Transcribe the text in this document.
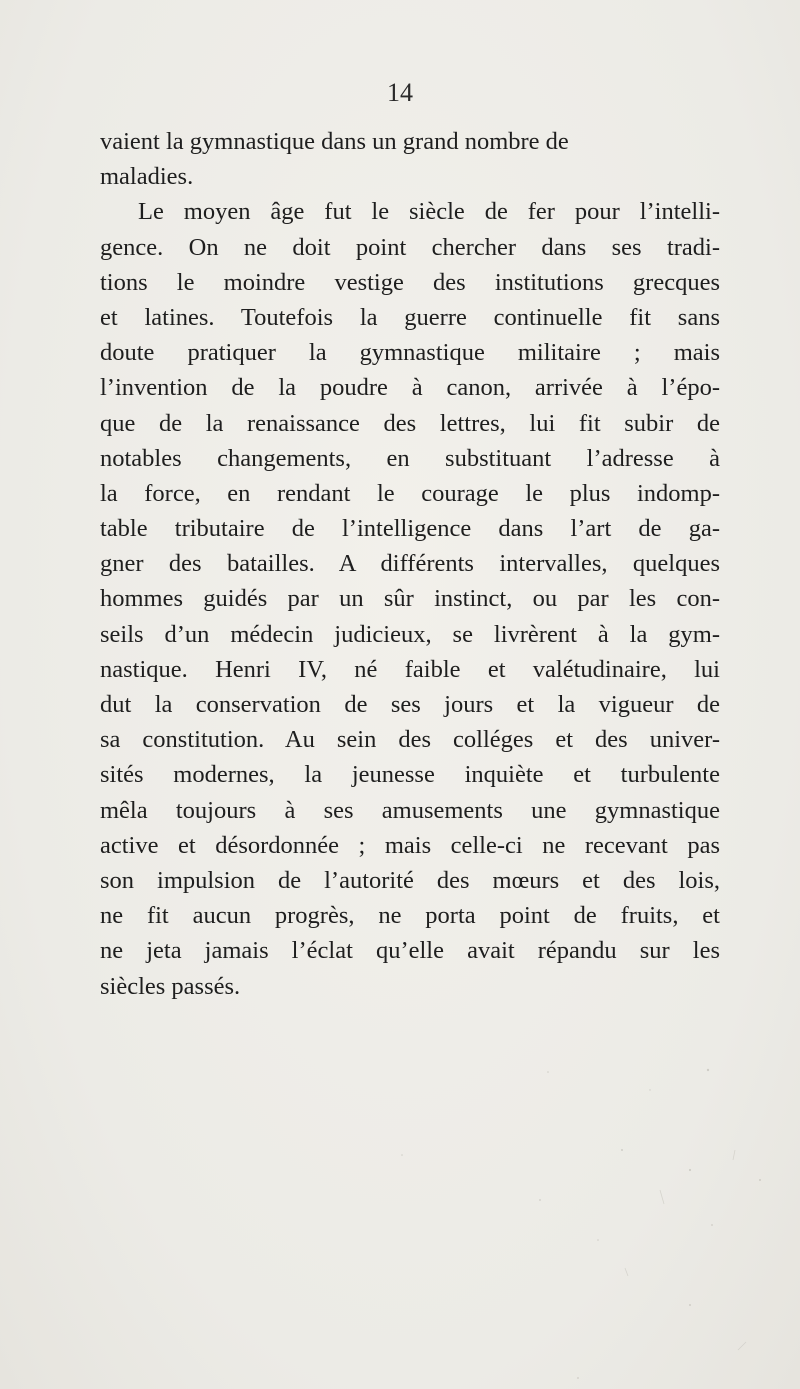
14
vaient la gymnastique dans un grand nombre de
maladies.
Le moyen âge fut le siècle de fer pour l’intelli-
gence. On ne doit point chercher dans ses tradi-
tions le moindre vestige des institutions grecques
et latines. Toutefois la guerre continuelle fit sans
doute pratiquer la gymnastique militaire ; mais
l’invention de la poudre à canon, arrivée à l’épo-
que de la renaissance des lettres, lui fit subir de
notables changements, en substituant l’adresse à
la force, en rendant le courage le plus indomp-
table tributaire de l’intelligence dans l’art de ga-
gner des batailles. A différents intervalles, quelques
hommes guidés par un sûr instinct, ou par les con-
seils d’un médecin judicieux, se livrèrent à la gym-
nastique. Henri IV, né faible et valétudinaire, lui
dut la conservation de ses jours et la vigueur de
sa constitution. Au sein des colléges et des univer-
sités modernes, la jeunesse inquiète et turbulente
mêla toujours à ses amusements une gymnastique
active et désordonnée ; mais celle-ci ne recevant pas
son impulsion de l’autorité des mœurs et des lois,
ne fit aucun progrès, ne porta point de fruits, et
ne jeta jamais l’éclat qu’elle avait répandu sur les
siècles passés.
